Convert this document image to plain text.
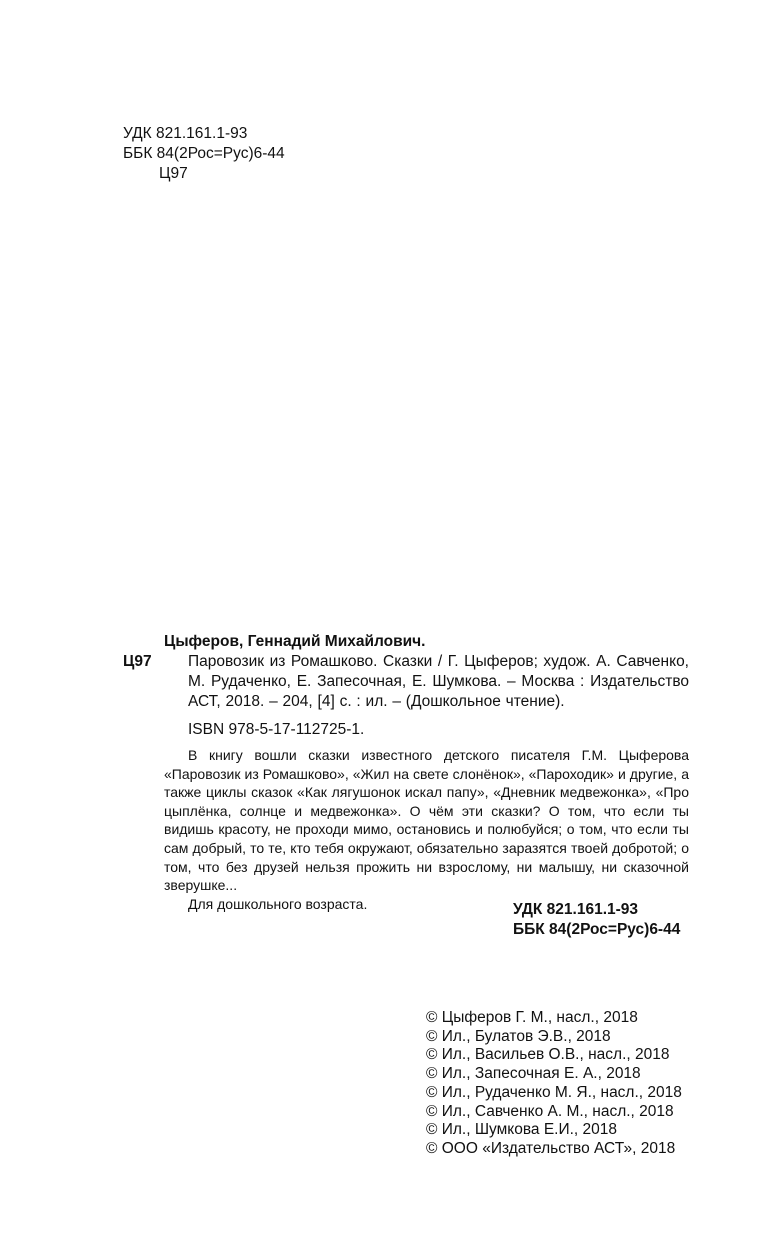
УДК 821.161.1-93
ББК 84(2Рос=Рус)6-44
Ц97
Цыферов, Геннадий Михайлович.
Ц97 Паровозик из Ромашково. Сказки / Г. Цыферов; худож. А. Савченко, М. Рудаченко, Е. Запесочная, Е. Шумкова. – Москва : Издательство АСТ, 2018. – 204, [4] с. : ил. – (Дошкольное чтение).
ISBN 978-5-17-112725-1.

В книгу вошли сказки известного детского писателя Г.М. Цыферова «Паровозик из Ромашково», «Жил на свете слонёнок», «Пароходик» и другие, а также циклы сказок «Как лягушонок искал папу», «Дневник медвежонка», «Про цыплёнка, солнце и медвежонка». О чём эти сказки? О том, что если ты видишь красоту, не проходи мимо, остановись и полюбуйся; о том, что если ты сам добрый, то те, кто тебя окружают, обязательно заразятся твоей добротой; о том, что без друзей нельзя прожить ни взрослому, ни малышу, ни сказочной зверушке...

Для дошкольного возраста.	УДК 821.161.1-93
ББК 84(2Рос=Рус)6-44
© Цыферов Г. М., насл., 2018
© Ил., Булатов Э.В., 2018
© Ил., Васильев О.В., насл., 2018
© Ил., Запесочная Е. А., 2018
© Ил., Рудаченко М. Я., насл., 2018
© Ил., Савченко А. М., насл., 2018
© Ил., Шумкова Е.И., 2018
© ООО «Издательство АСТ», 2018
